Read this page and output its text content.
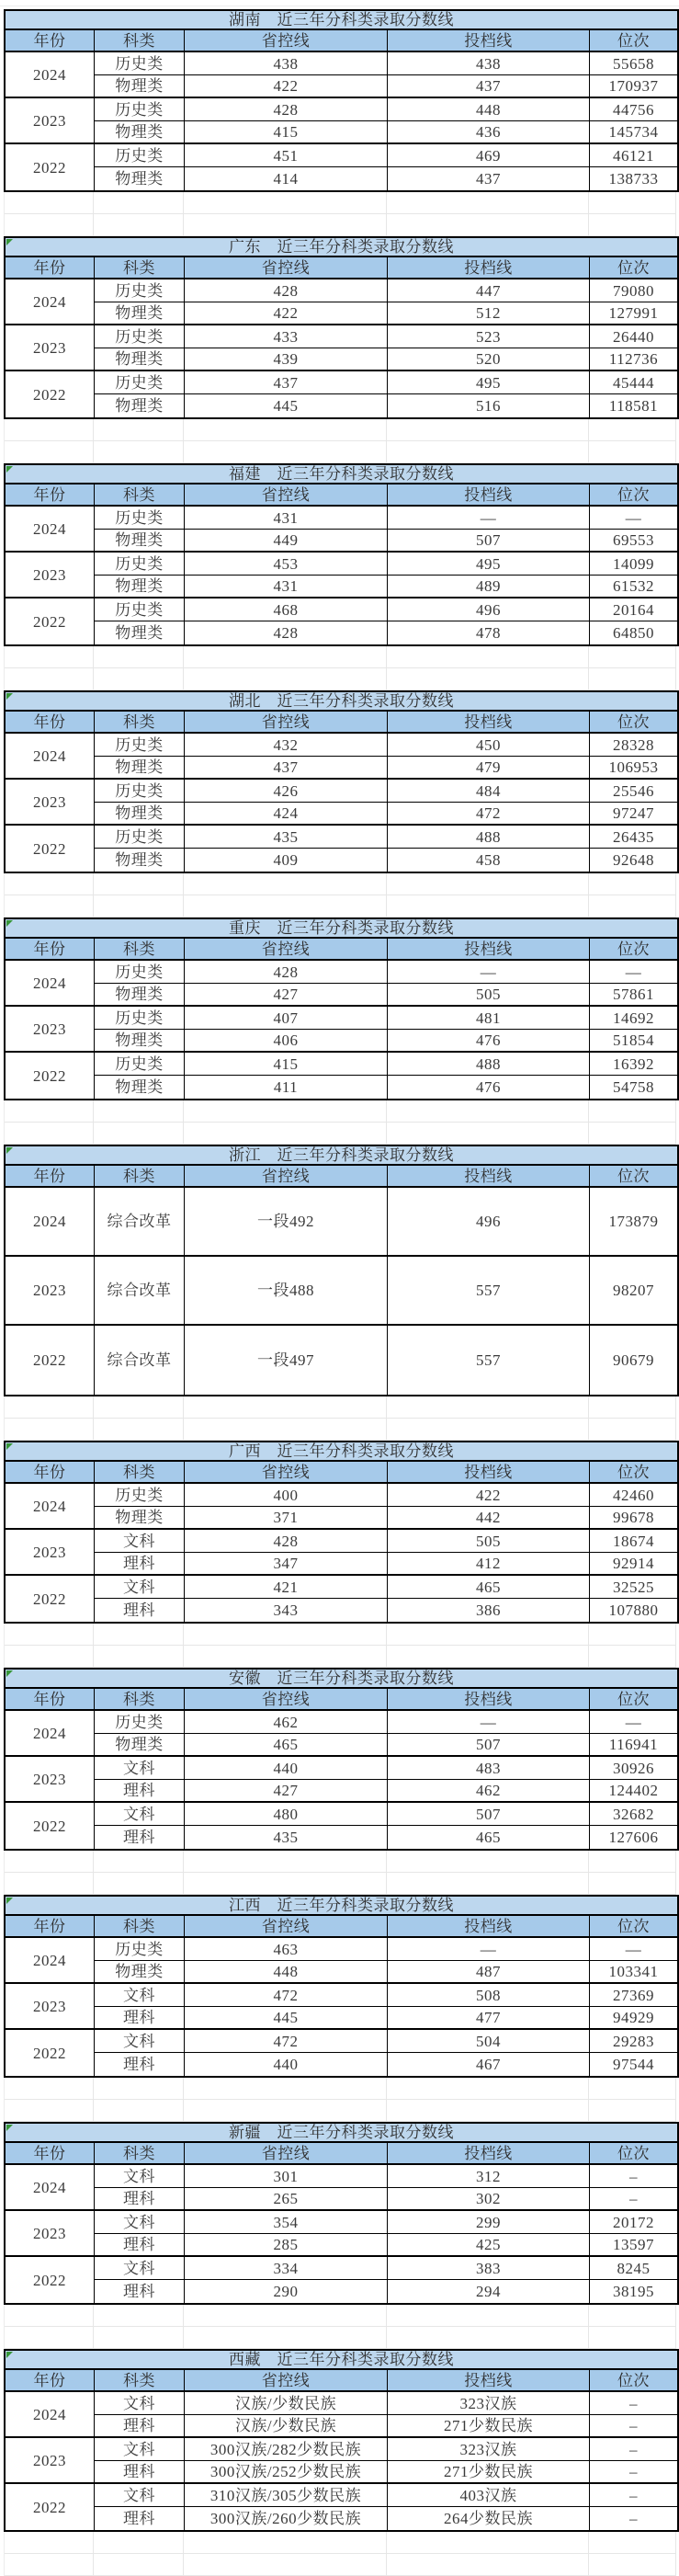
湖南　近三年分科类录取分数线
年份	科类	省控线	投档线	位次
2024
历史类	438	438	55658
物理类	422	437	170937
2023
历史类	428	448	44756
物理类	415	436	145734
2022
历史类	451	469	46121
物理类	414	437	138733
广东　近三年分科类录取分数线
年份	科类	省控线	投档线	位次
2024
历史类	428	447	79080
物理类	422	512	127991
2023
历史类	433	523	26440
物理类	439	520	112736
2022
历史类	437	495	45444
物理类	445	516	118581
福建　近三年分科类录取分数线
年份	科类	省控线	投档线	位次
2024
历史类	431	—	—
物理类	449	507	69553
2023
历史类	453	495	14099
物理类	431	489	61532
2022
历史类	468	496	20164
物理类	428	478	64850
湖北　近三年分科类录取分数线
年份	科类	省控线	投档线	位次
2024
历史类	432	450	28328
物理类	437	479	106953
2023
历史类	426	484	25546
物理类	424	472	97247
2022
历史类	435	488	26435
物理类	409	458	92648
重庆　近三年分科类录取分数线
年份	科类	省控线	投档线	位次
2024
历史类	428	—	—
物理类	427	505	57861
2023
历史类	407	481	14692
物理类	406	476	51854
2022
历史类	415	488	16392
物理类	411	476	54758
浙江　近三年分科类录取分数线
年份	科类	省控线	投档线	位次
2024	综合改革	一段492	496	173879
2023	综合改革	一段488	557	98207
2022	综合改革	一段497	557	90679
广西　近三年分科类录取分数线
年份	科类	省控线	投档线	位次
2024
历史类	400	422	42460
物理类	371	442	99678
2023
文科	428	505	18674
理科	347	412	92914
2022
文科	421	465	32525
理科	343	386	107880
安徽　近三年分科类录取分数线
年份	科类	省控线	投档线	位次
2024
历史类	462	—	—
物理类	465	507	116941
2023
文科	440	483	30926
理科	427	462	124402
2022
文科	480	507	32682
理科	435	465	127606
江西　近三年分科类录取分数线
年份	科类	省控线	投档线	位次
2024
历史类	463	—	—
物理类	448	487	103341
2023
文科	472	508	27369
理科	445	477	94929
2022
文科	472	504	29283
理科	440	467	97544
新疆　近三年分科类录取分数线
年份	科类	省控线	投档线	位次
2024
文科	301	312	–
理科	265	302	–
2023
文科	354	299	20172
理科	285	425	13597
2022
文科	334	383	8245
理科	290	294	38195
西藏　近三年分科类录取分数线
年份	科类	省控线	投档线	位次
2024
文科	汉族/少数民族	323汉族	–
理科	汉族/少数民族	271少数民族	–
2023
文科	300汉族/282少数民族	323汉族	–
理科	300汉族/252少数民族	271少数民族	–
2022
文科	310汉族/305少数民族	403汉族	–
理科	300汉族/260少数民族	264少数民族	–
